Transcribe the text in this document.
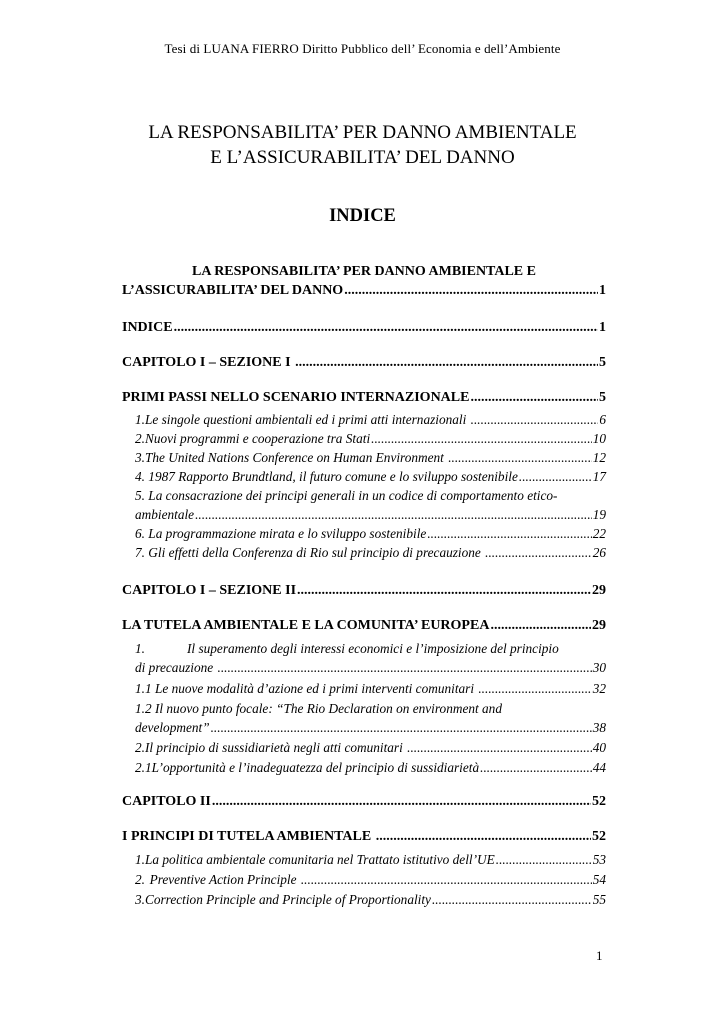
Tesi di LUANA FIERRO Diritto Pubblico dell’ Economia e dell’Ambiente
LA RESPONSABILITA’ PER DANNO AMBIENTALE
E L’ASSICURABILITA’ DEL DANNO
INDICE
LA RESPONSABILITA’ PER DANNO AMBIENTALE E
L’ASSICURABILITA’ DEL DANNO .....	1
INDICE .....	1
CAPITOLO I – SEZIONE I .....	5
PRIMI PASSI NELLO SCENARIO INTERNAZIONALE .....	5
1.Le singole questioni ambientali ed i primi atti internazionali .....	6
2.Nuovi programmi e cooperazione tra Stati .....	10
3.The United Nations Conference on Human Environment .....	12
4. 1987 Rapporto Brundtland, il futuro comune e lo sviluppo sostenibile .....	17
5. La consacrazione dei principi generali in un codice di comportamento etico-
ambientale .....	19
6. La programmazione mirata e lo sviluppo sostenibile .....	22
7. Gli effetti della Conferenza di Rio sul principio di precauzione .....	26
CAPITOLO I – SEZIONE II .....	29
LA TUTELA AMBIENTALE E LA COMUNITA’ EUROPEA .....	29
1.	Il superamento degli interessi economici e l’imposizione del principio
di precauzione .....	30
1.1 Le nuove modalità d’azione ed i primi interventi comunitari .....	32
1.2 Il nuovo punto focale: “The Rio Declaration on environment and
development” .....	38
2. Il principio di sussidiarietà negli atti comunitari .....	40
2.1 L’opportunità e l’inadeguatezza del principio di sussidiarietà .....	44
CAPITOLO II .....	52
I PRINCIPI DI TUTELA AMBIENTALE .....	52
1. La politica ambientale comunitaria nel Trattato istitutivo dell’UE .....	53
2. Preventive Action Principle .....	54
3. Correction Principle and Principle of Proportionality .....	55
1
